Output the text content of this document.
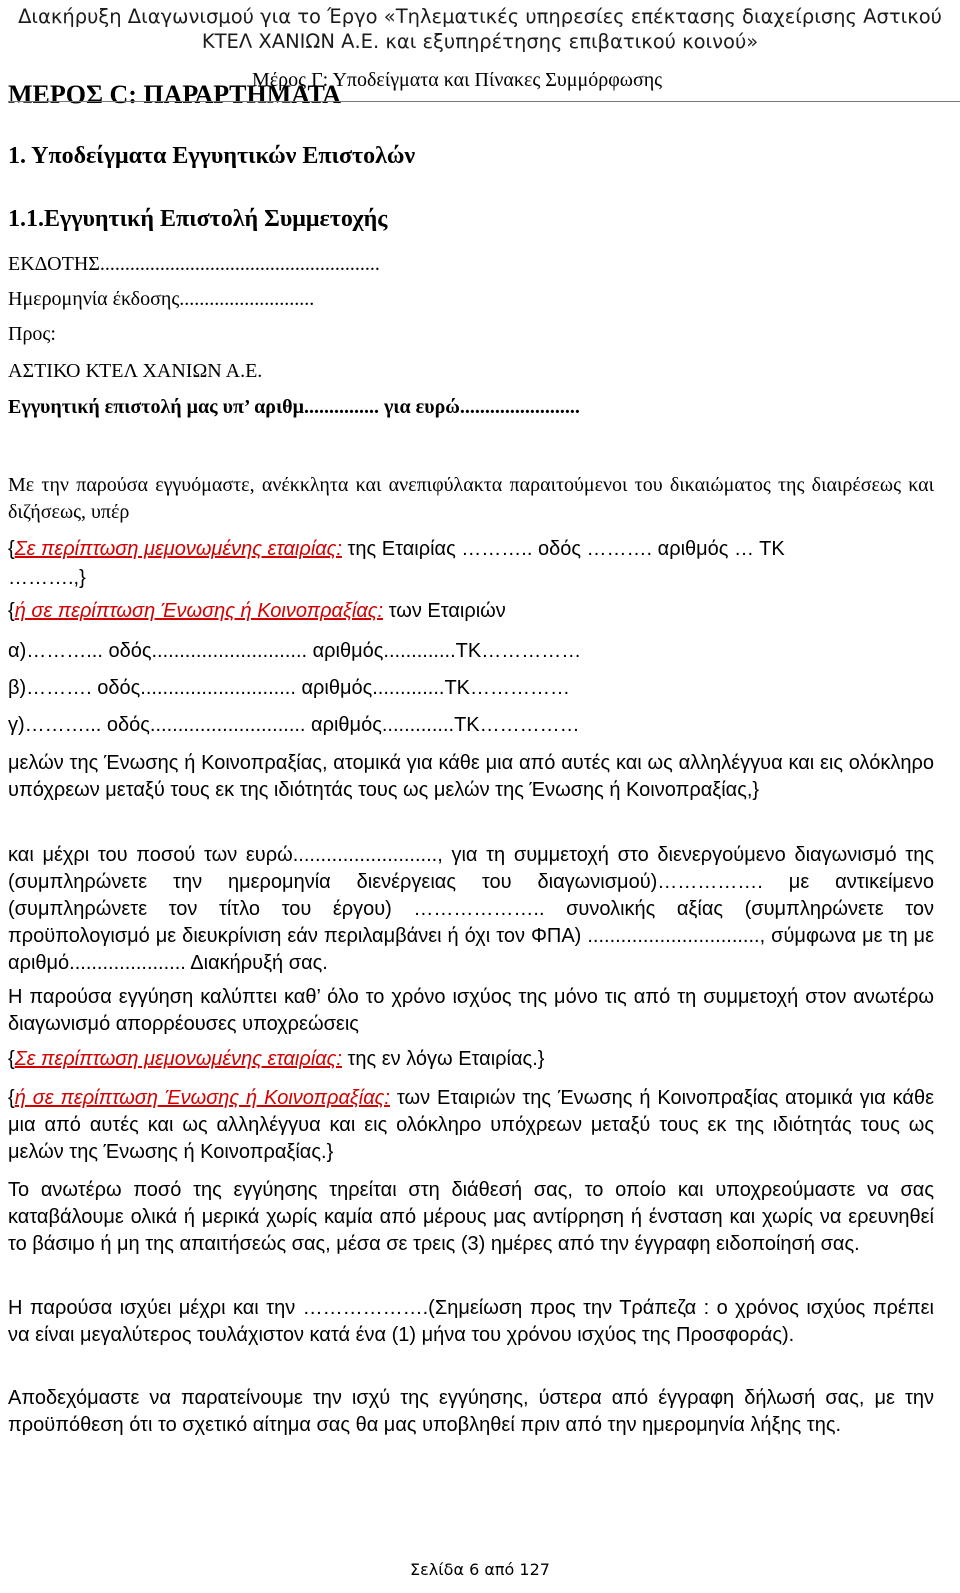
Διακήρυξη Διαγωνισμού για το Έργο «Τηλεματικές υπηρεσίες επέκτασης διαχείρισης Αστικού
ΚΤΕΛ ΧΑΝΙΩΝ Α.Ε. και εξυπηρέτησης επιβατικού κοινού»
ΜΕΡΟΣ C: ΠΑΡΑΡΤΗΜΑΤΑ
Μέρος Γ: Υποδείγματα και Πίνακες Συμμόρφωσης
1. Υποδείγματα Εγγυητικών Επιστολών
1.1.Εγγυητική Επιστολή Συμμετοχής
ΕΚΔΟΤΗΣ........................................................
Ημερομηνία έκδοσης...........................
Προς:
ΑΣΤΙΚΟ ΚΤΕΛ ΧΑΝΙΩΝ Α.Ε.
Εγγυητική επιστολή μας υπ’ αριθμ............... για ευρώ........................
Με την παρούσα εγγυόμαστε, ανέκκλητα και ανεπιφύλακτα παραιτούμενοι του δικαιώματος της διαιρέσεως και διζήσεως, υπέρ
{Σε περίπτωση μεμονωμένης εταιρίας: της Εταιρίας ……….. οδός ………. αριθμός … ΤΚ
……….,}
{ή σε περίπτωση Ένωσης ή Κοινοπραξίας: των Εταιριών
α)………... οδός............................ αριθμός.............ΤΚ……………
β)………. οδός............................ αριθμός.............ΤΚ……………
γ)………... οδός............................ αριθμός.............ΤΚ……………
μελών της Ένωσης ή Κοινοπραξίας, ατομικά για κάθε μια από αυτές και ως αλληλέγγυα και εις ολόκληρο υπόχρεων μεταξύ τους εκ της ιδιότητάς τους ως μελών της Ένωσης ή Κοινοπραξίας,}
και μέχρι του ποσού των ευρώ.........................., για τη συμμετοχή στο διενεργούμενο διαγωνισμό της (συμπληρώνετε την ημερομηνία διενέργειας του διαγωνισμού)……………. με αντικείμενο (συμπληρώνετε τον τίτλο του έργου) ……………….. συνολικής αξίας (συμπληρώνετε τον προϋπολογισμό με διευκρίνιση εάν περιλαμβάνει ή όχι τον ΦΠΑ) ..............................., σύμφωνα με τη με αριθμό..................... Διακήρυξή σας.
Η παρούσα εγγύηση καλύπτει καθ’ όλο το χρόνο ισχύος της μόνο τις από τη συμμετοχή στον ανωτέρω διαγωνισμό απορρέουσες υποχρεώσεις
{Σε περίπτωση μεμονωμένης εταιρίας: της εν λόγω Εταιρίας.}
{ή σε περίπτωση Ένωσης ή Κοινοπραξίας: των Εταιριών της Ένωσης ή Κοινοπραξίας ατομικά για κάθε μια από αυτές και ως αλληλέγγυα και εις ολόκληρο υπόχρεων μεταξύ τους εκ της ιδιότητάς τους ως μελών της Ένωσης ή Κοινοπραξίας.}
Το ανωτέρω ποσό της εγγύησης τηρείται στη διάθεσή σας, το οποίο και υποχρεούμαστε να σας καταβάλουμε ολικά ή μερικά χωρίς καμία από μέρους μας αντίρρηση ή ένσταση και χωρίς να ερευνηθεί το βάσιμο ή μη της απαιτήσεώς σας, μέσα σε τρεις (3) ημέρες από την έγγραφη ειδοποίησή σας.
Η παρούσα ισχύει μέχρι και την ……………….(Σημείωση προς την Τράπεζα : ο χρόνος ισχύος πρέπει να είναι μεγαλύτερος τουλάχιστον κατά ένα (1) μήνα του χρόνου ισχύος της Προσφοράς).
Αποδεχόμαστε να παρατείνουμε την ισχύ της εγγύησης, ύστερα από έγγραφη δήλωσή σας, με την προϋπόθεση ότι το σχετικό αίτημα σας θα μας υποβληθεί πριν από την ημερομηνία λήξης της.
Σελίδα 6 από 127
